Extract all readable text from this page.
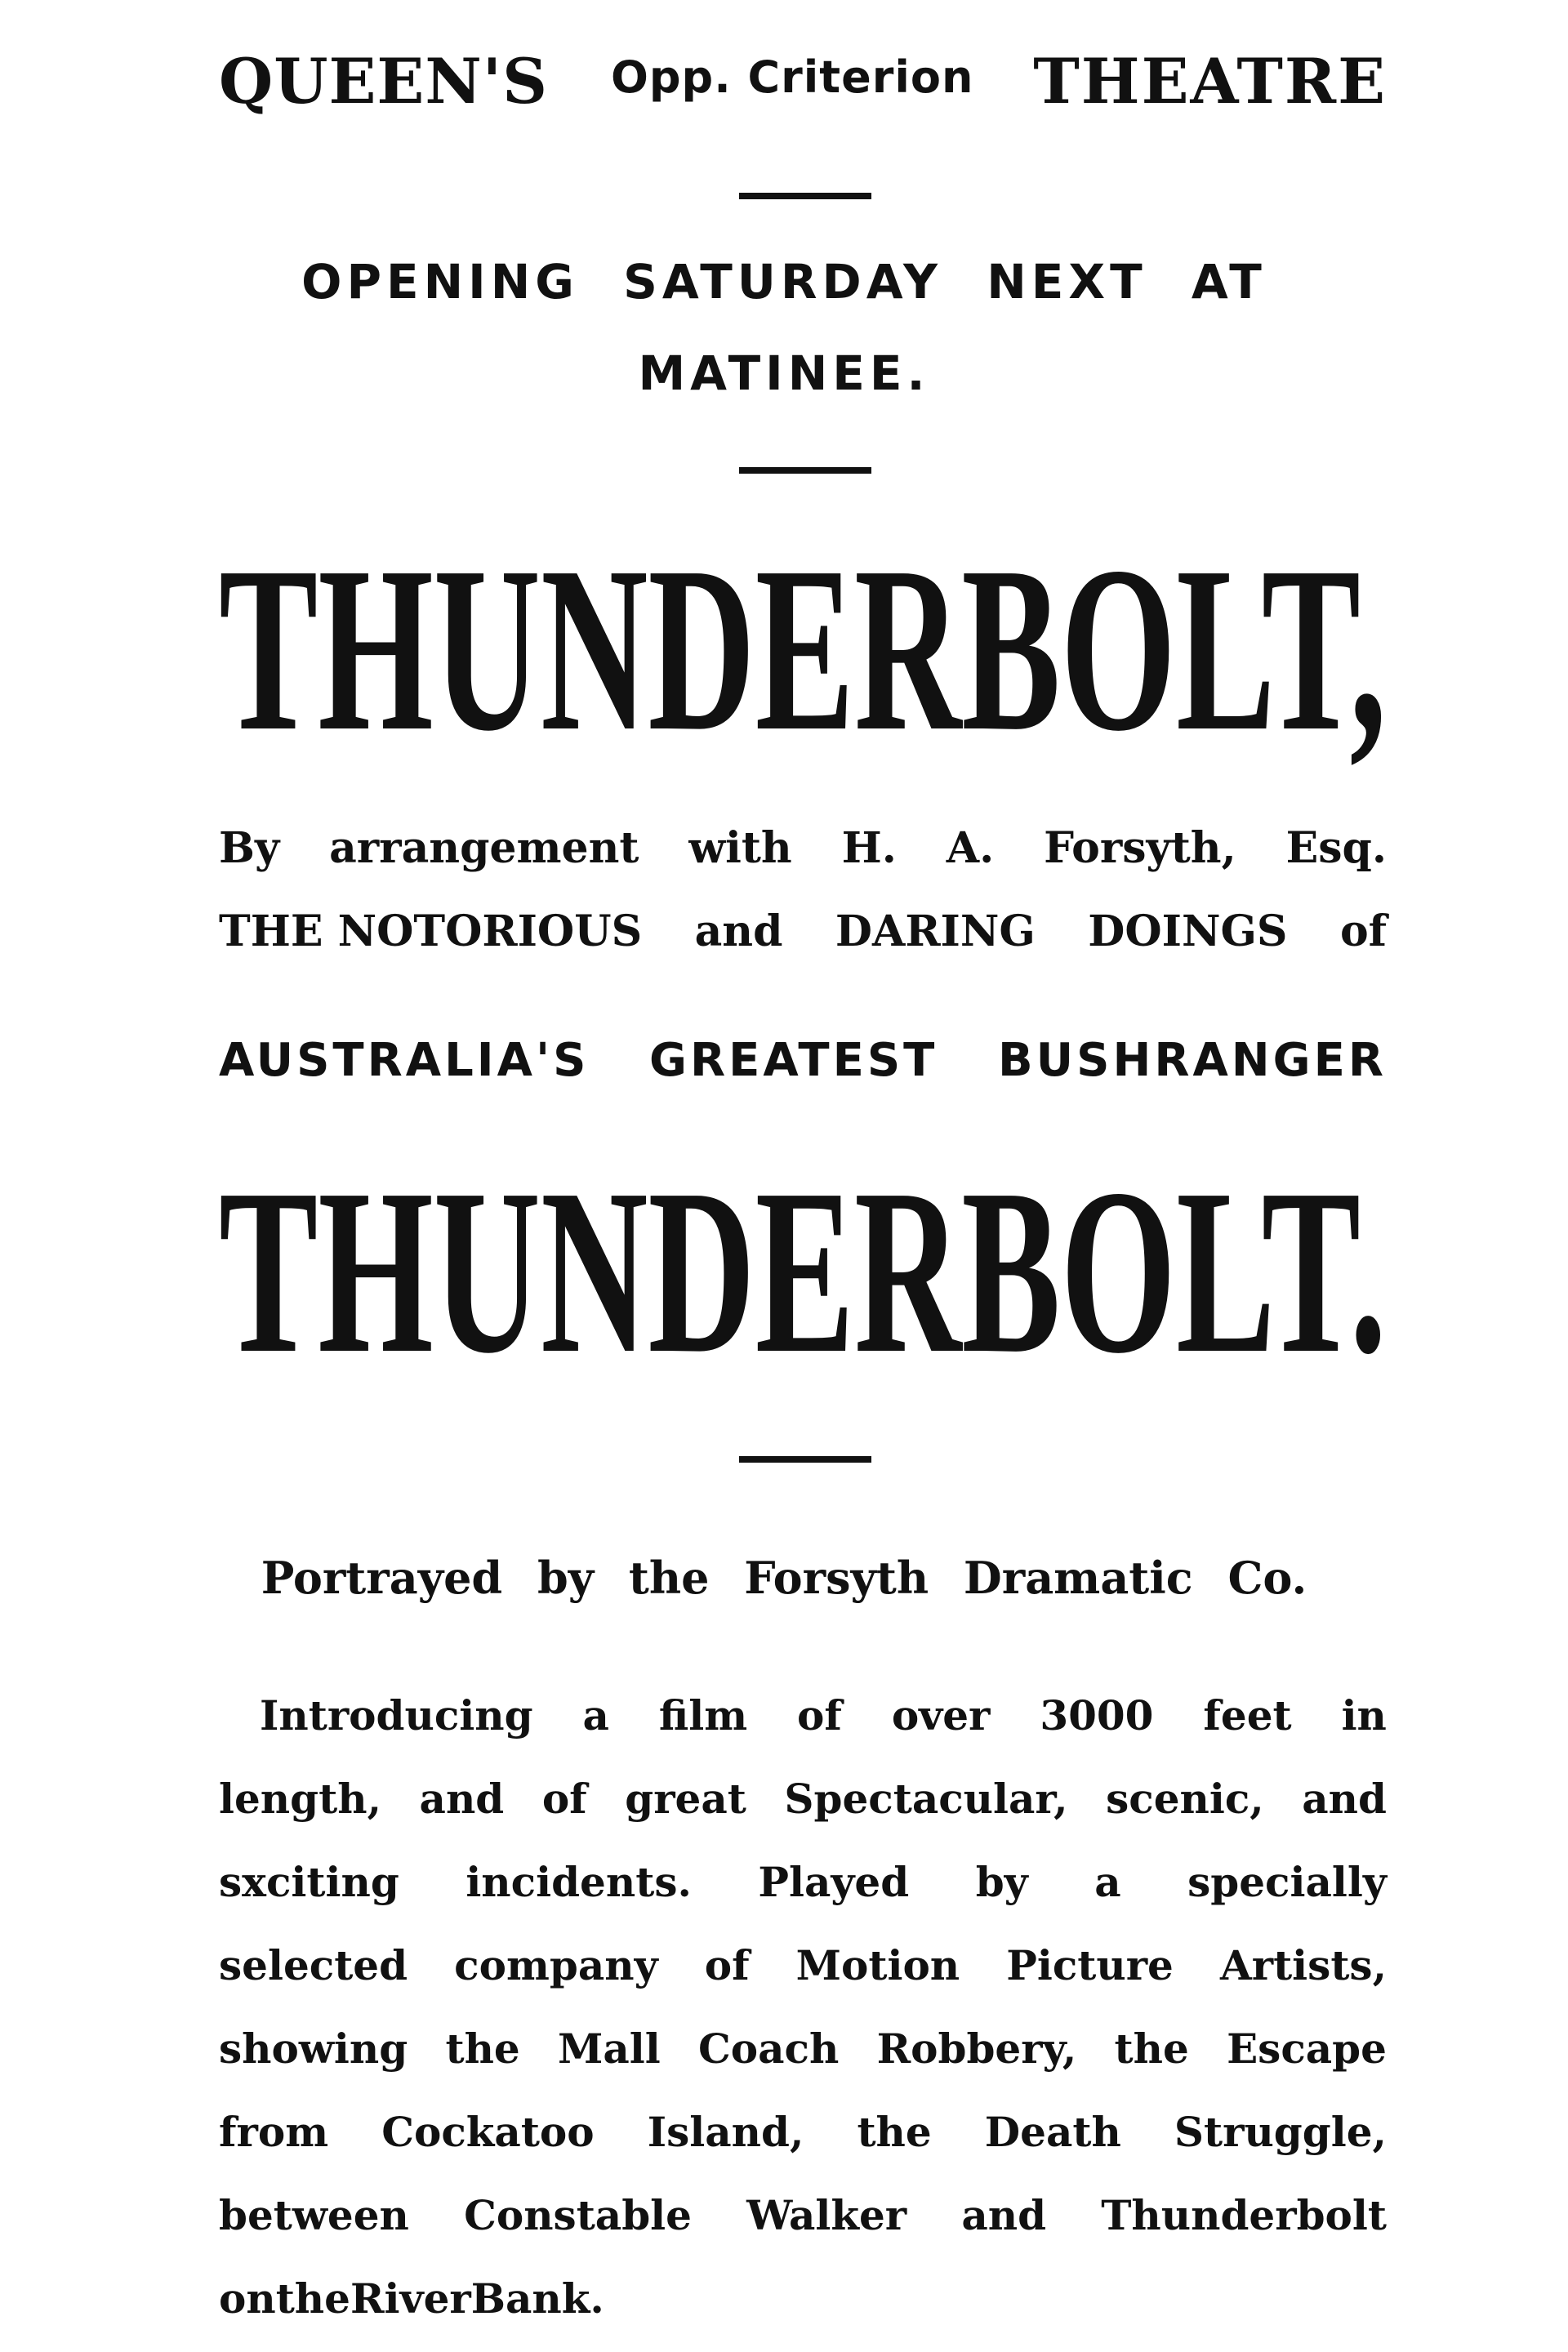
QUEEN'S Opp. Criterion THEATRE
OPENING SATURDAY NEXT AT
MATINEE.
THUNDERBOLT,
By arrangement with H. A. Forsyth, Esq.
THE NOTORIOUS and DARING DOINGS of
AUSTRALIA'S GREATEST BUSHRANGER
THUNDERBOLT.
Portrayed by the Forsyth Dramatic Co.
Introducing a film of over 3000 feet in
length, and of great Spectacular, scenic, and
sxciting incidents. Played by a specially
selected company of Motion Picture Artists,
showing the Mall Coach Robbery, the Escape
from Cockatoo Island, the Death Struggle,
between Constable Walker and Thunderbolt
on the River Bank.
